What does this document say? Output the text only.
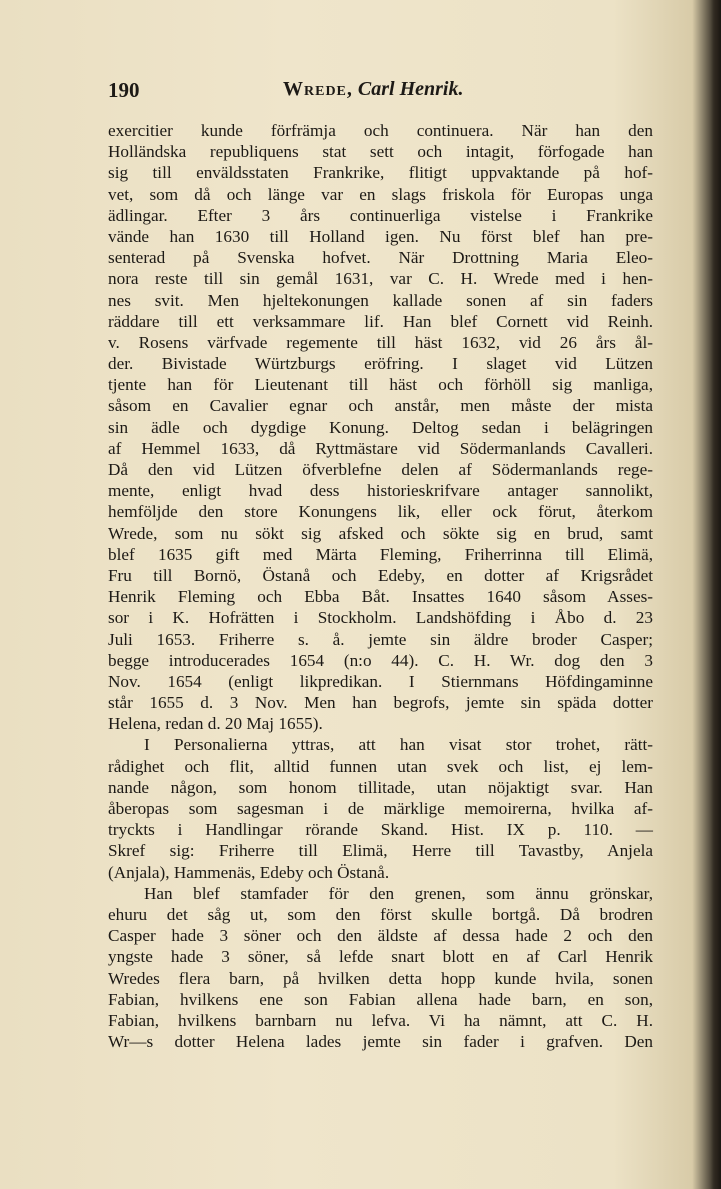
190	Wrede, Carl Henrik.
exercitier kunde förfrämja och continuera. När han den
Holländska republiquens stat sett och intagit, förfogade han
sig till enväldsstaten Frankrike, flitigt uppvaktande på hof-
vet, som då och länge var en slags friskola för Europas unga
ädlingar. Efter 3 års continuerliga vistelse i Frankrike
vände han 1630 till Holland igen. Nu först blef han pre-
senterad på Svenska hofvet. När Drottning Maria Eleo-
nora reste till sin gemål 1631, var C. H. Wrede med i hen-
nes svit. Men hjeltekonungen kallade sonen af sin faders
räddare till ett verksammare lif. Han blef Cornett vid Reinh.
v. Rosens värfvade regemente till häst 1632, vid 26 års ål-
der. Bivistade Würtzburgs eröfring. I slaget vid Lützen
tjente han för Lieutenant till häst och förhöll sig manliga,
såsom en Cavalier egnar och anstår, men måste der mista
sin ädle och dygdige Konung. Deltog sedan i belägringen
af Hemmel 1633, då Ryttmästare vid Södermanlands Cavalleri.
Då den vid Lützen öfverblefne delen af Södermanlands rege-
mente, enligt hvad dess historieskrifvare antager sannolikt,
hemföljde den store Konungens lik, eller ock förut, återkom
Wrede, som nu sökt sig afsked och sökte sig en brud, samt
blef 1635 gift med Märta Fleming, Friherrinna till Elimä,
Fru till Bornö, Östanå och Edeby, en dotter af Krigsrådet
Henrik Fleming och Ebba Båt. Insattes 1640 såsom Asses-
sor i K. Hofrätten i Stockholm. Landshöfding i Åbo d. 23
Juli 1653. Friherre s. å. jemte sin äldre broder Casper;
begge introducerades 1654 (n:o 44). C. H. Wr. dog den 3
Nov. 1654 (enligt likpredikan. I Stiernmans Höfdingaminne
står 1655 d. 3 Nov. Men han begrofs, jemte sin späda dotter
Helena, redan d. 20 Maj 1655).
I Personalierna yttras, att han visat stor trohet, rätt-
rådighet och flit, alltid funnen utan svek och list, ej lem-
nande någon, som honom tillitade, utan nöjaktigt svar. Han
åberopas som sagesman i de märklige memoirerna, hvilka af-
tryckts i Handlingar rörande Skand. Hist. IX p. 110. —
Skref sig: Friherre till Elimä, Herre till Tavastby, Anjela
(Anjala), Hammenäs, Edeby och Östanå.
Han blef stamfader för den grenen, som ännu grönskar,
ehuru det såg ut, som den först skulle bortgå. Då brodren
Casper hade 3 söner och den äldste af dessa hade 2 och den
yngste hade 3 söner, så lefde snart blott en af Carl Henrik
Wredes flera barn, på hvilken detta hopp kunde hvila, sonen
Fabian, hvilkens ene son Fabian allena hade barn, en son,
Fabian, hvilkens barnbarn nu lefva. Vi ha nämnt, att C. H.
Wr—s dotter Helena lades jemte sin fader i grafven. Den
